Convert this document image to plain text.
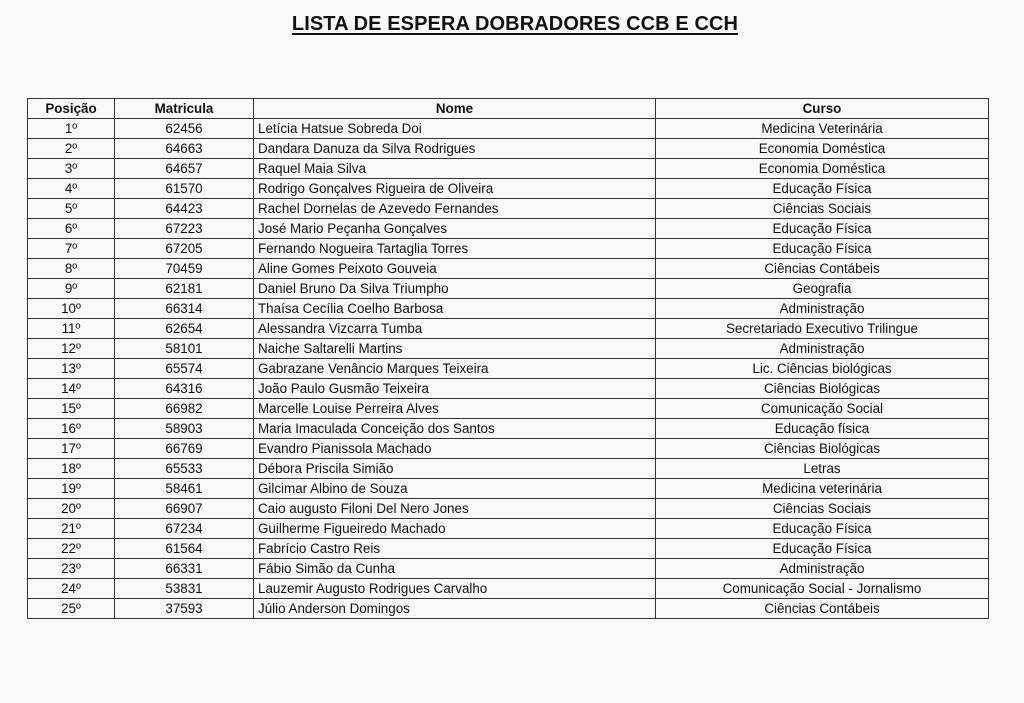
LISTA DE ESPERA DOBRADORES CCB E CCH
Posição	Matricula	Nome	Curso
1º	62456	Letícia Hatsue Sobreda Doi	Medicina Veterinária
2º	64663	Dandara Danuza da Silva Rodrigues	Economia Doméstica
3º	64657	Raquel Maia Silva	Economia Doméstica
4º	61570	Rodrigo Gonçalves Rigueira de Oliveira	Educação Física
5º	64423	Rachel Dornelas de Azevedo Fernandes	Ciências Sociais
6º	67223	José Mario Peçanha Gonçalves	Educação Física
7º	67205	Fernando Nogueira Tartaglia Torres	Educação Física
8º	70459	Aline Gomes Peixoto Gouveia	Ciências Contábeis
9º	62181	Daniel Bruno Da Silva Triumpho	Geografia
10º	66314	Thaísa Cecília Coelho Barbosa	Administração
11º	62654	Alessandra Vizcarra Tumba	Secretariado Executivo Trilingue
12º	58101	Naiche Saltarelli Martins	Administração
13º	65574	Gabrazane Venâncio Marques Teixeira	Lic. Ciências biológicas
14º	64316	João Paulo Gusmão Teixeira	Ciências Biológicas
15º	66982	Marcelle Louise Perreira Alves	Comunicação Social
16º	58903	Maria Imaculada Conceição dos Santos	Educação física
17º	66769	Evandro Pianissola Machado	Ciências Biológicas
18º	65533	Débora Priscila Simião	Letras
19º	58461	Gilcimar Albino de Souza	Medicina veterinária
20º	66907	Caio augusto Filoni Del Nero Jones	Ciências Sociais
21º	67234	Guilherme Figueiredo Machado	Educação Física
22º	61564	Fabrício Castro Reis	Educação Física
23º	66331	Fábio Simão da Cunha	Administração
24º	53831	Lauzemir Augusto Rodrigues Carvalho	Comunicação Social - Jornalismo
25º	37593	Júlio Anderson Domingos	Ciências Contábeis
